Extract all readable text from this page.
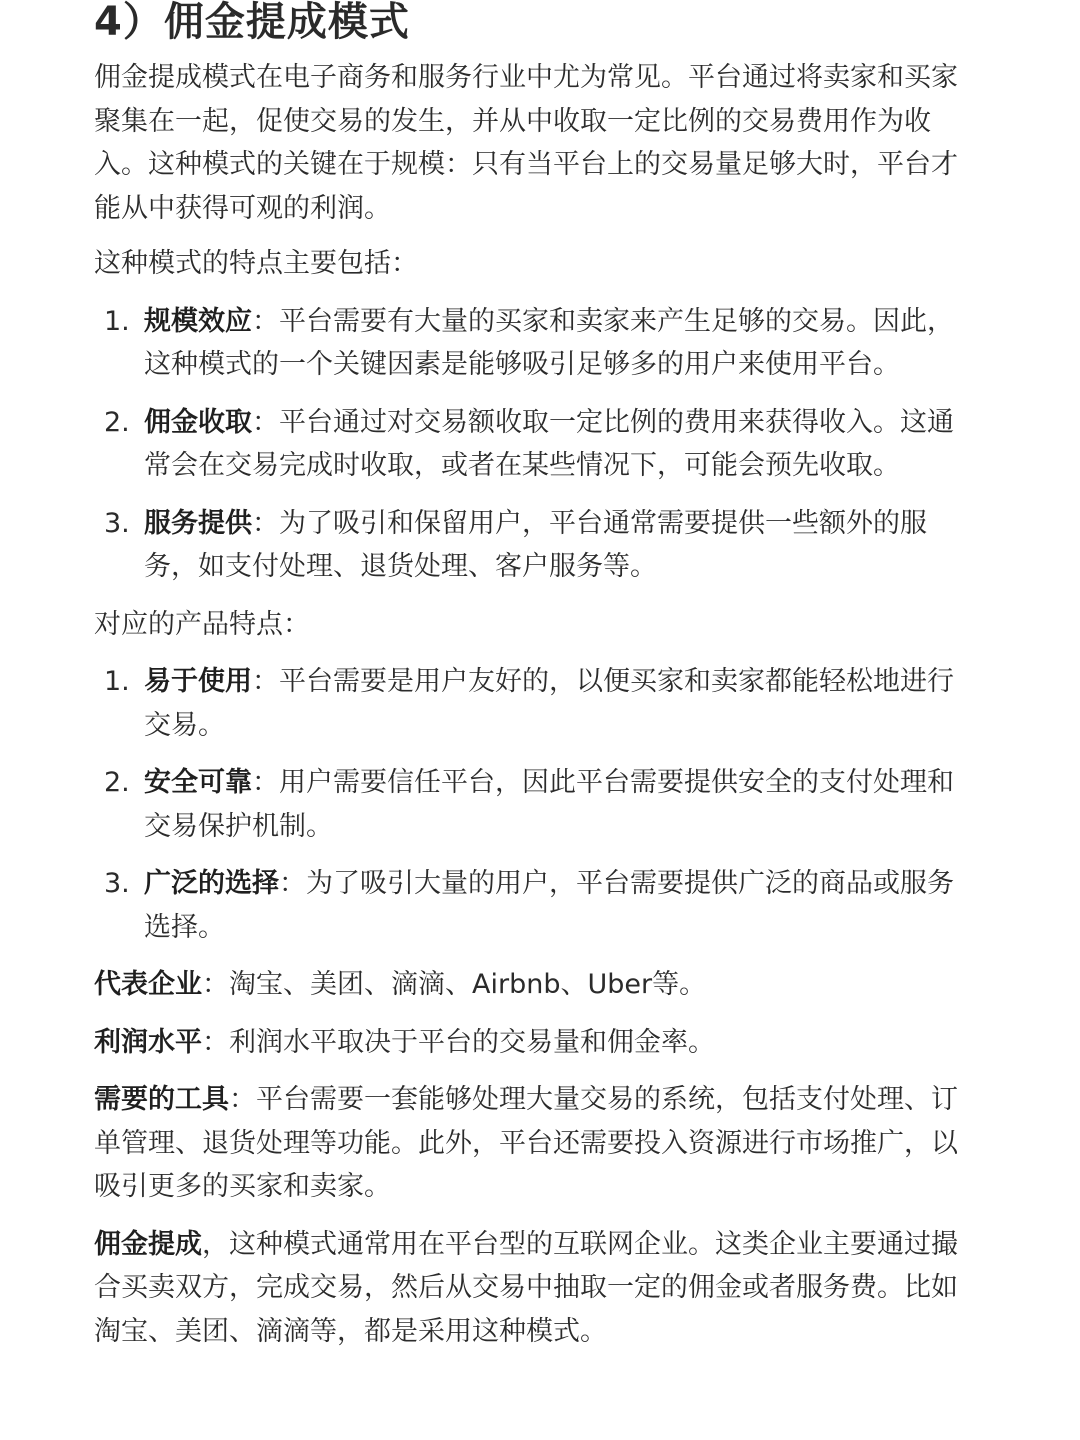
4）佣金提成模式

佣金提成模式在电子商务和服务行业中尤为常见。平台通过将卖家和买家聚集在一起，促使交易的发生，并从中收取一定比例的交易费用作为收入。这种模式的关键在于规模：只有当平台上的交易量足够大时，平台才能从中获得可观的利润。

这种模式的特点主要包括：

1. 规模效应：平台需要有大量的买家和卖家来产生足够的交易。因此，这种模式的一个关键因素是能够吸引足够多的用户来使用平台。
2. 佣金收取：平台通过对交易额收取一定比例的费用来获得收入。这通常会在交易完成时收取，或者在某些情况下，可能会预先收取。
3. 服务提供：为了吸引和保留用户，平台通常需要提供一些额外的服务，如支付处理、退货处理、客户服务等。

对应的产品特点：

1. 易于使用：平台需要是用户友好的，以便买家和卖家都能轻松地进行交易。
2. 安全可靠：用户需要信任平台，因此平台需要提供安全的支付处理和交易保护机制。
3. 广泛的选择：为了吸引大量的用户，平台需要提供广泛的商品或服务选择。

代表企业：淘宝、美团、滴滴、Airbnb、Uber等。

利润水平：利润水平取决于平台的交易量和佣金率。

需要的工具：平台需要一套能够处理大量交易的系统，包括支付处理、订单管理、退货处理等功能。此外，平台还需要投入资源进行市场推广，以吸引更多的买家和卖家。

佣金提成，这种模式通常用在平台型的互联网企业。这类企业主要通过撮合买卖双方，完成交易，然后从交易中抽取一定的佣金或者服务费。比如淘宝、美团、滴滴等，都是采用这种模式。
